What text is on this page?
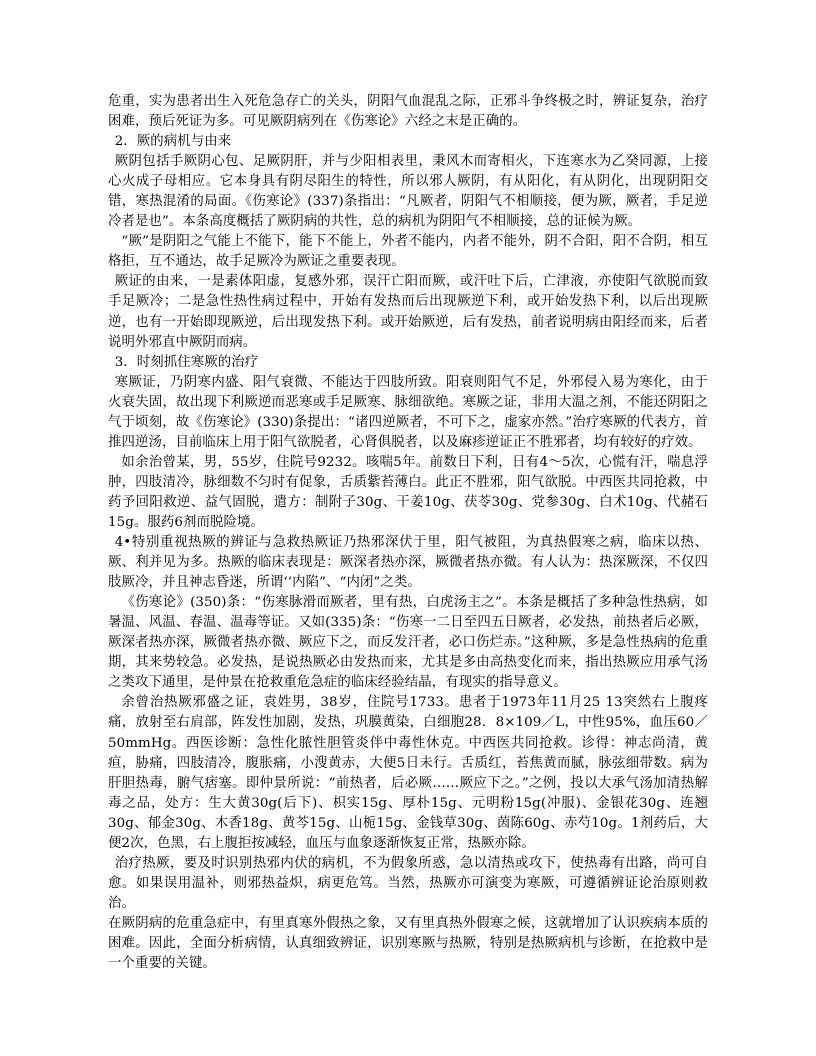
危重，实为患者出生入死危急存亡的关头，阴阳气血混乱之际，正邪斗争终极之时，辨证复杂，治疗困难，预后死证为多。可见厥阴病列在《伤寒论》六经之末是正确的。

2．厥的病机与由来

厥阴包括手厥阴心包、足厥阴肝，并与少阳相表里，秉风木而寄相火，下连寒水为乙癸同源，上接心火成子母相应。它本身具有阴尽阳生的特性，所以邪人厥阴，有从阳化，有从阴化，出现阴阳交错，寒热混淆的局面。《伤寒论》(337)条指出：“凡厥者，阴阳气不相顺接，便为厥，厥者，手足逆冷者是也”。本条高度概括了厥阴病的共性，总的病机为阴阳气不相顺接，总的证候为厥。

“厥”是阴阳之气能上不能下，能下不能上，外者不能内，内者不能外，阴不合阳，阳不合阴，相互格拒，互不通达，故手足厥冷为厥证之重要表现。

厥证的由来，一是素体阳虚，复感外邪，误汗亡阳而厥，或汗吐下后，亡津液，亦使阳气欲脱而致手足厥冷；二是急性热性病过程中，开始有发热而后出现厥逆下利，或开始发热下利，以后出现厥逆，也有一开始即现厥逆，后出现发热下利。或开始厥逆，后有发热，前者说明病由阳经而来，后者说明外邪直中厥阴而病。

3．时刻抓住寒厥的治疗

寒厥证，乃阴寒内盛、阳气衰微、不能达于四肢所致。阳衰则阳气不足，外邪侵入易为寒化，由于火衰失固，故出现下利厥逆而恶寒或手足厥寒、脉细欲绝。寒厥之证，非用大温之剂，不能还阴阳之气于顷刻，故《伤寒论》(330)条提出：“诸四逆厥者，不可下之，虚家亦然。”治疗寒厥的代表方，首推四逆汤，目前临床上用于阳气欲脱者，心肾俱脱者，以及麻疹逆证正不胜邪者，均有较好的疗效。

如余治曾某，男，55岁，住院号9232。咳喘5年。前数日下利，日有4～5次，心慌有汗，喘息浮肿，四肢清冷，脉细数不匀时有促象，舌质紫苔薄白。此正不胜邪，阳气欲脱。中西医共同抢救，中药予回阳救逆、益气固脱，遣方：制附子30g、干姜10g、茯苓30g、党参30g、白术10g、代赭石15g。服药6剂而脱险境。

4•特别重视热厥的辨证与急救热厥证乃热邪深伏于里，阳气被阻，为真热假寒之病，临床以热、厥、利并见为多。热厥的临床表现是：厥深者热亦深，厥微者热亦微。有人认为：热深厥深，不仅四肢厥冷，并且神志昏迷，所谓‘‘内陷”、“内闭”之类。

《伤寒论》(350)条：“伤寒脉滑而厥者，里有热，白虎汤主之”。本条是概括了多种急性热病，如暑温、风温、春温、温毒等证。又如(335)条：“伤寒一二日至四五日厥者，必发热，前热者后必厥，厥深者热亦深，厥微者热亦微、厥应下之，而反发汗者，必口伤烂赤。”这种厥，多是急性热病的危重期，其来势较急。必发热，是说热厥必由发热而来，尤其是多由高热变化而来，指出热厥应用承气汤之类攻下通里，是仲景在抢救重危急症的临床经验结晶，有现实的指导意义。

余曾治热厥邪盛之证，袁姓男，38岁，住院号1733。患者于1973年11月25 13突然右上腹疼痛，放射至右肩部，阵发性加剧，发热，巩膜黄染，白细胞28．8×109／L，中性95%，血压60／50mmHg。西医诊断：急性化脓性胆管炎伴中毒性休克。中西医共同抢救。诊得：神志尚清，黄疸，胁痛，四肢清冷，腹胀痛，小溲黄赤，大便5日未行。舌质红，苔焦黄而腻，脉弦细带数。病为肝胆热毒，腑气痞塞。即仲景所说：“前热者，后必厥……厥应下之。”之例，投以大承气汤加清热解毒之品，处方：生大黄30g(后下)、枳实15g、厚朴15g、元明粉15g(冲服)、金银花30g、连翘30g、郁金30g、木香18g、黄芩15g、山栀15g、金钱草30g、茵陈60g、赤芍10g。1剂药后，大便2次，色黑，右上腹拒按减轻，血压与血象逐渐恢复正常，热厥亦除。

治疗热厥，要及时识别热邪内伏的病机，不为假象所惑，急以清热或攻下，使热毒有出路，尚可自愈。如果误用温补，则邪热益炽，病更危笃。当然，热厥亦可演变为寒厥，可遵循辨证论治原则救治。

在厥阴病的危重急症中，有里真寒外假热之象，又有里真热外假寒之候，这就增加了认识疾病本质的困难。因此，全面分析病情，认真细致辨证，识别寒厥与热厥，特别是热厥病机与诊断，在抢救中是一个重要的关键。
